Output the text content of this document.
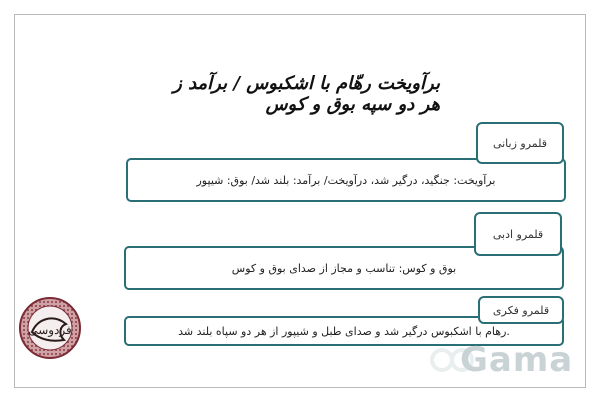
برآویخت رهّام با اشکبوس / برآمد ز هر دو سپه بوق و کوس
برآویخت: جنگید، درگیر شد، درآویخت/ برآمد: بلند شد/ بوق: شیپور
قلمرو زبانی
بوق و کوس: تناسب و مجاز از صدای بوق و کوس
قلمرو ادبی
.رهام با اشکبوس درگیر شد و صدای طبل و شیپور از هر دو سپاه بلند شد
قلمرو فکری
Gama
فردوسی
